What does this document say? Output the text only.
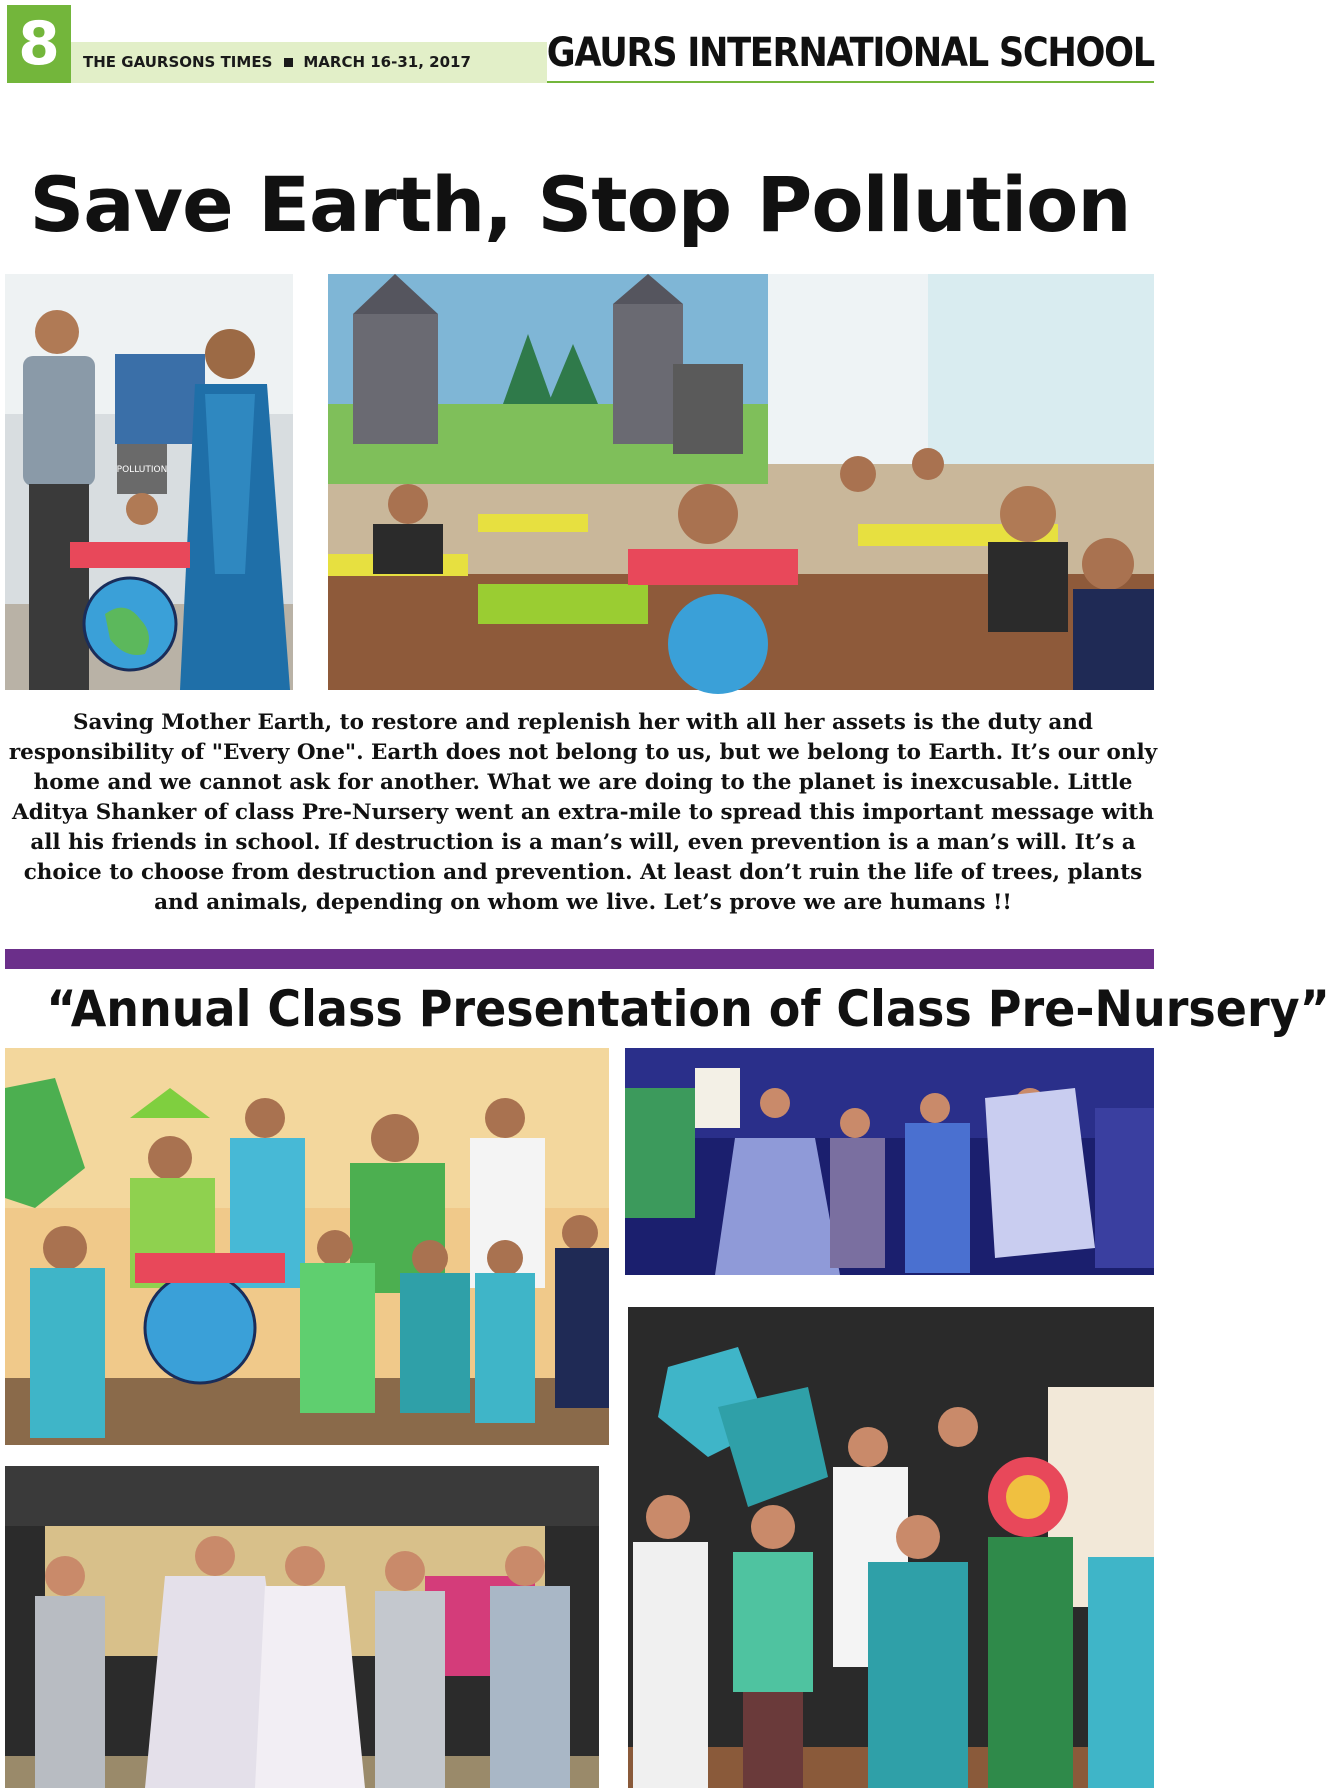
8	THE GAURSONS TIMES MARCH 16-31, 2017	GAURS INTERNATIONAL SCHOOL
Save Earth, Stop Pollution
POLLUTION
Saving Mother Earth, to restore and replenish her with all her assets is the duty and responsibility of "Every One". Earth does not belong to us, but we belong to Earth. It’s our only home and we cannot ask for another. What we are doing to the planet is inexcusable. Little Aditya Shanker of class Pre-Nursery went an extra-mile to spread this important message with all his friends in school. If destruction is a man’s will, even prevention is a man’s will. It’s a choice to choose from destruction and prevention. At least don’t ruin the life of trees, plants and animals, depending on whom we live. Let’s prove we are humans !!
“Annual Class Presentation of Class Pre-Nursery”
